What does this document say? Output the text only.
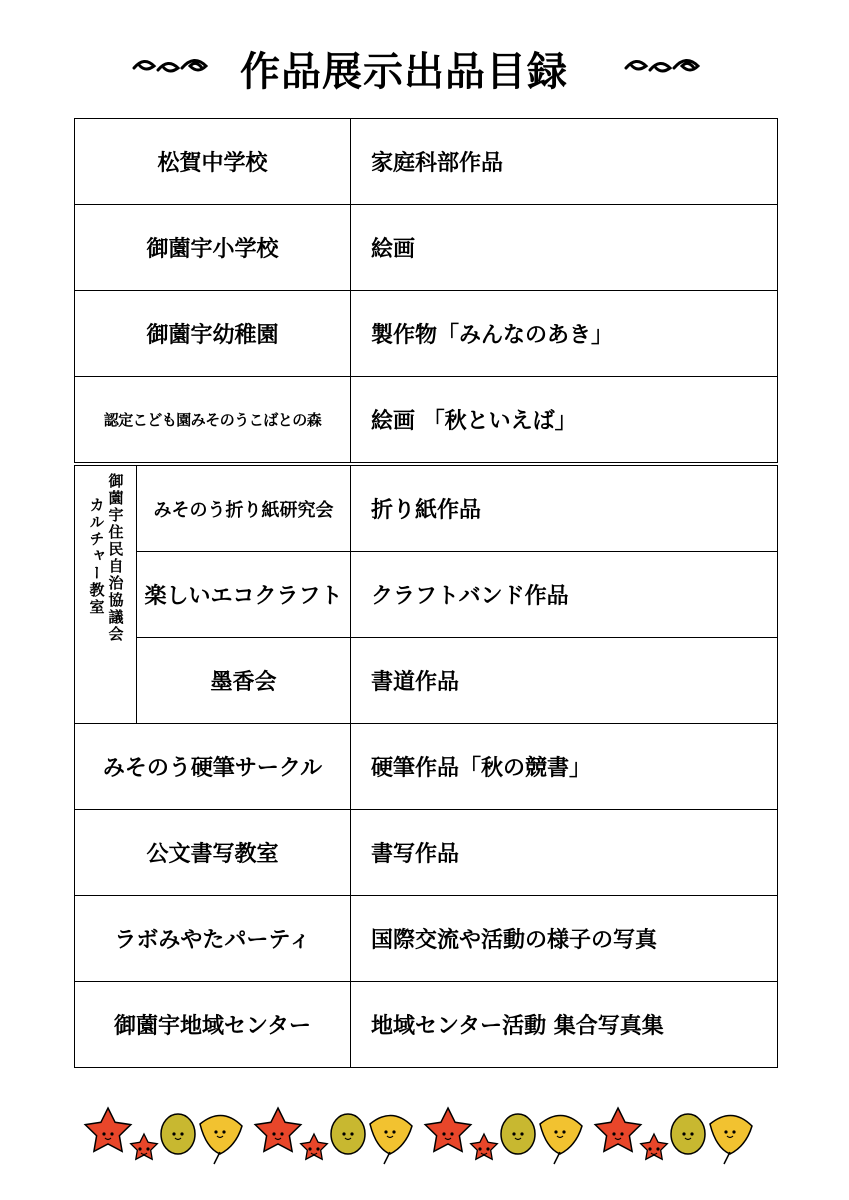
作品展示出品目録
松賀中学校		家庭科部作品
御薗宇小学校		絵画
御薗宇幼稚園		製作物「みんなのあき」
認定こども園みそのうこばとの森		絵画 「秋といえば」

カルチャー教室 御薗宇住民自治協議会	みそのう折り紙研究会	折り紙作品
	楽しいエコクラフト	クラフトバンド作品
	墨香会	書道作品
みそのう硬筆サークル		硬筆作品「秋の競書」
公文書写教室		書写作品
ラボみやたパーティ		国際交流や活動の様子の写真
御薗宇地域センター		地域センター活動 集合写真集
